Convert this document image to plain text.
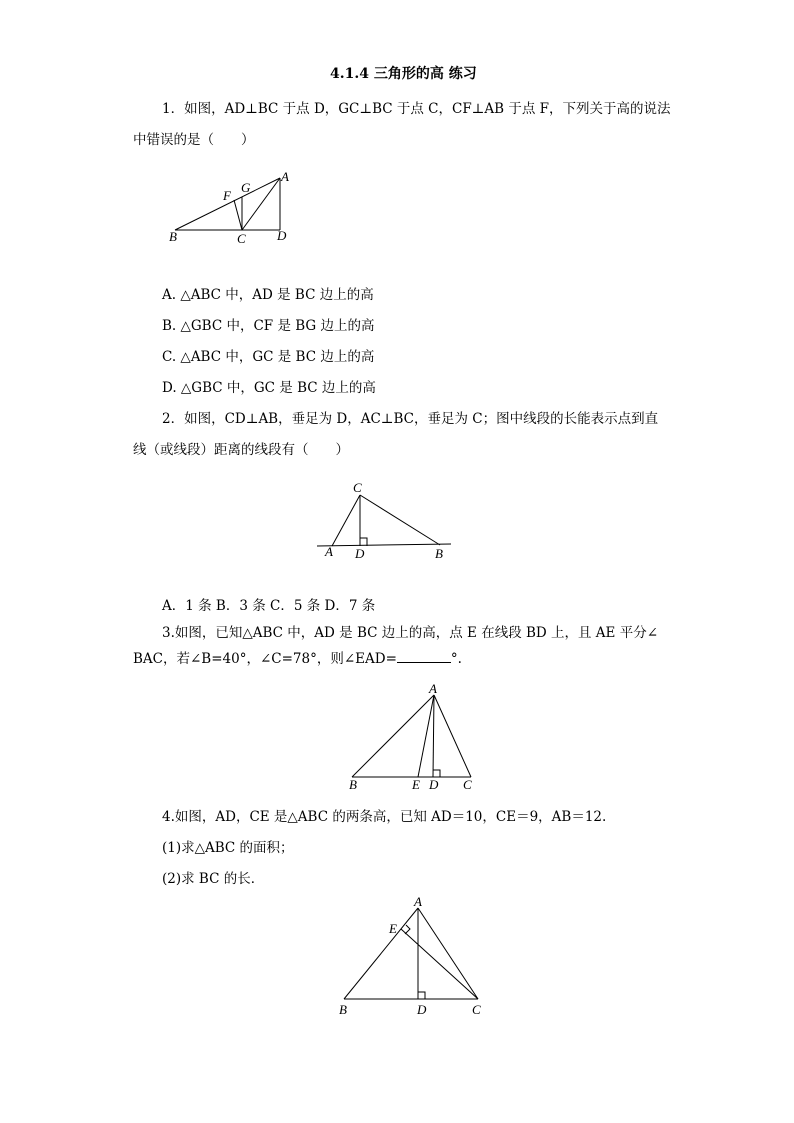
4.1.4 三角形的高 练习
1．如图，AD⊥BC 于点 D，GC⊥BC 于点 C，CF⊥AB 于点 F，下列关于高的说法
中错误的是（　　）
A
B	C D
F
G
A. △ABC 中，AD 是 BC 边上的高
B. △GBC 中，CF 是 BG 边上的高
C. △ABC 中，GC 是 BC 边上的高
D. △GBC 中，GC 是 BC 边上的高
2．如图，CD⊥AB，垂足为 D，AC⊥BC，垂足为 C；图中线段的长能表示点到直
线（或线段）距离的线段有（　　）
C
A D	B
A．1 条 B．3 条 C．5 条 D．7 条
3.如图，已知△ABC 中，AD 是 BC 边上的高，点 E 在线段 BD 上，且 AE 平分∠
BAC，若∠B=40°，∠C=78°，则∠EAD=	°.
A
B	E D C
4.如图，AD，CE 是△ABC 的两条高，已知 AD＝10，CE＝9，AB＝12.
(1)求△ABC 的面积；
(2)求 BC 的长．
A
E
B	D	C
